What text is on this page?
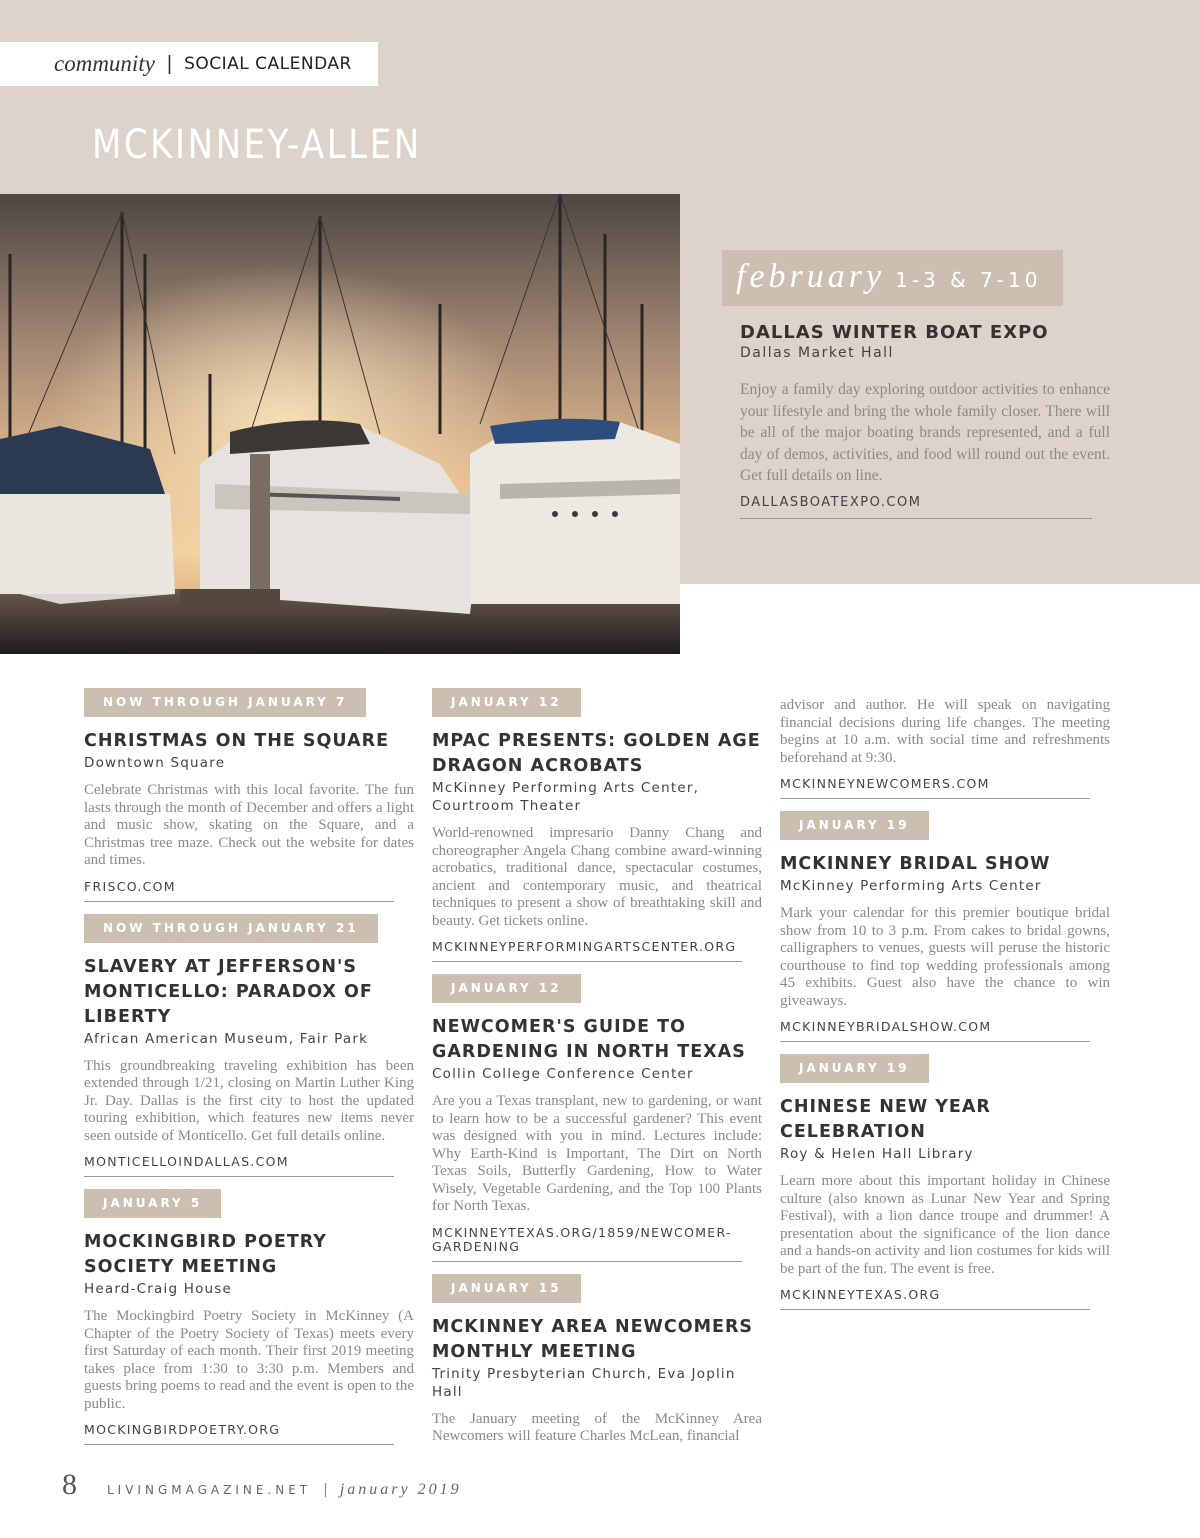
community | SOCIAL CALENDAR
MCKINNEY-ALLEN
february 1-3 & 7-10
DALLAS WINTER BOAT EXPO
Dallas Market Hall
Enjoy a family day exploring outdoor activities to enhance your lifestyle and bring the whole family closer. There will be all of the major boating brands represented, and a full day of demos, activities, and food will round out the event. Get full details on line.
DALLASBOATEXPO.COM
NOW THROUGH JANUARY 7
CHRISTMAS ON THE SQUARE
Downtown Square
Celebrate Christmas with this local favorite. The fun lasts through the month of December and offers a light and music show, skating on the Square, and a Christmas tree maze. Check out the website for dates and times.
FRISCO.COM
NOW THROUGH JANUARY 21
SLAVERY AT JEFFERSON'S MONTICELLO: PARADOX OF LIBERTY
African American Museum, Fair Park
This groundbreaking traveling exhibition has been extended through 1/21, closing on Martin Luther King Jr. Day. Dallas is the first city to host the updated touring exhibition, which features new items never seen outside of Monticello. Get full details online.
MONTICELLOINDALLAS.COM
JANUARY 5
MOCKINGBIRD POETRY SOCIETY MEETING
Heard-Craig House
The Mockingbird Poetry Society in McKinney (A Chapter of the Poetry Society of Texas) meets every first Saturday of each month. Their first 2019 meeting takes place from 1:30 to 3:30 p.m. Members and guests bring poems to read and the event is open to the public.
MOCKINGBIRDPOETRY.ORG
JANUARY 12
MPAC PRESENTS: GOLDEN AGE DRAGON ACROBATS
McKinney Performing Arts Center, Courtroom Theater
World-renowned impresario Danny Chang and choreographer Angela Chang combine award-winning acrobatics, traditional dance, spectacular costumes, ancient and contemporary music, and theatrical techniques to present a show of breathtaking skill and beauty. Get tickets online.
MCKINNEYPERFORMINGARTSCENTER.ORG
JANUARY 12
NEWCOMER'S GUIDE TO GARDENING IN NORTH TEXAS
Collin College Conference Center
Are you a Texas transplant, new to gardening, or want to learn how to be a successful gardener? This event was designed with you in mind. Lectures include: Why Earth-Kind is Important, The Dirt on North Texas Soils, Butterfly Gardening, How to Water Wisely, Vegetable Gardening, and the Top 100 Plants for North Texas.
MCKINNEYTEXAS.ORG/1859/NEWCOMER-GARDENING
JANUARY 15
MCKINNEY AREA NEWCOMERS MONTHLY MEETING
Trinity Presbyterian Church, Eva Joplin Hall
The January meeting of the McKinney Area Newcomers will feature Charles McLean, financial
advisor and author. He will speak on navigating financial decisions during life changes. The meeting begins at 10 a.m. with social time and refreshments beforehand at 9:30.
MCKINNEYNEWCOMERS.COM
JANUARY 19
MCKINNEY BRIDAL SHOW
McKinney Performing Arts Center
Mark your calendar for this premier boutique bridal show from 10 to 3 p.m. From cakes to bridal gowns, calligraphers to venues, guests will peruse the historic courthouse to find top wedding professionals among 45 exhibits. Guest also have the chance to win giveaways.
MCKINNEYBRIDALSHOW.COM
JANUARY 19
CHINESE NEW YEAR CELEBRATION
Roy & Helen Hall Library
Learn more about this important holiday in Chinese culture (also known as Lunar New Year and Spring Festival), with a lion dance troupe and drummer! A presentation about the significance of the lion dance and a hands-on activity and lion costumes for kids will be part of the fun. The event is free.
MCKINNEYTEXAS.ORG
8	LIVINGMAGAZINE.NET | january 2019
